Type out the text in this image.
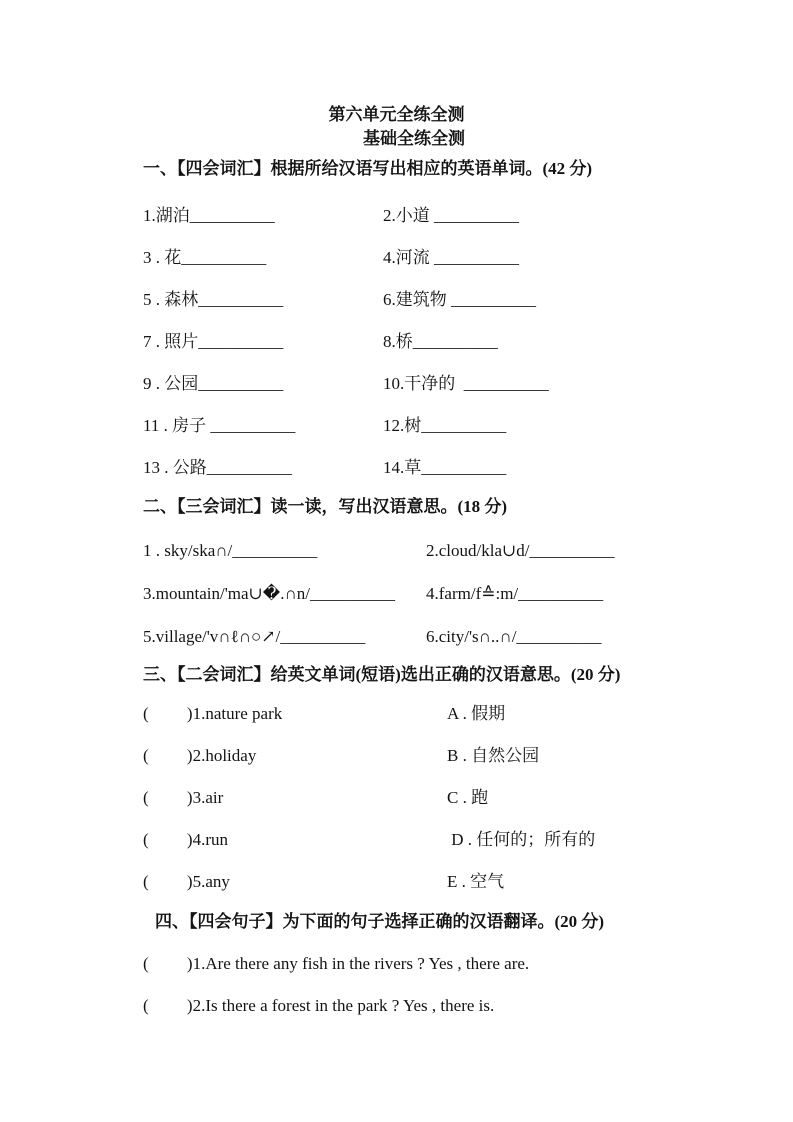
第六单元全练全测
基础全练全测
一、【四会词汇】根据所给汉语写出相应的英语单词。(42 分)
1.湖泊__________	2.小道 __________
3 . 花__________	4.河流 __________
5 . 森林__________	6.建筑物 __________
7 . 照片__________	8.桥__________
9 . 公园__________	10.干净的  __________
11 . 房子 __________	12.树__________
13 . 公路__________	14.草__________
二、【三会词汇】读一读，写出汉语意思。(18 分)
1 . sky/ska∩/__________	2.cloud/kla∪d/__________
3.mountain/'ma∪�.∩n/__________	4.farm/f≙:m/__________
5.village/'v∩ℓ∩○↗/__________	6.city/'s∩..∩/__________
三、【二会词汇】给英文单词(短语)选出正确的汉语意思。(20 分)
(         )1.nature park	A . 假期
(         )2.holiday	B . 自然公园
(         )3.air	C . 跑
(         )4.run	D . 任何的；所有的
(         )5.any	E . 空气
四、【四会句子】为下面的句子选择正确的汉语翻译。(20 分)
(         )1.Are there any fish in the rivers ? Yes , there are.
(         )2.Is there a forest in the park ? Yes , there is.
